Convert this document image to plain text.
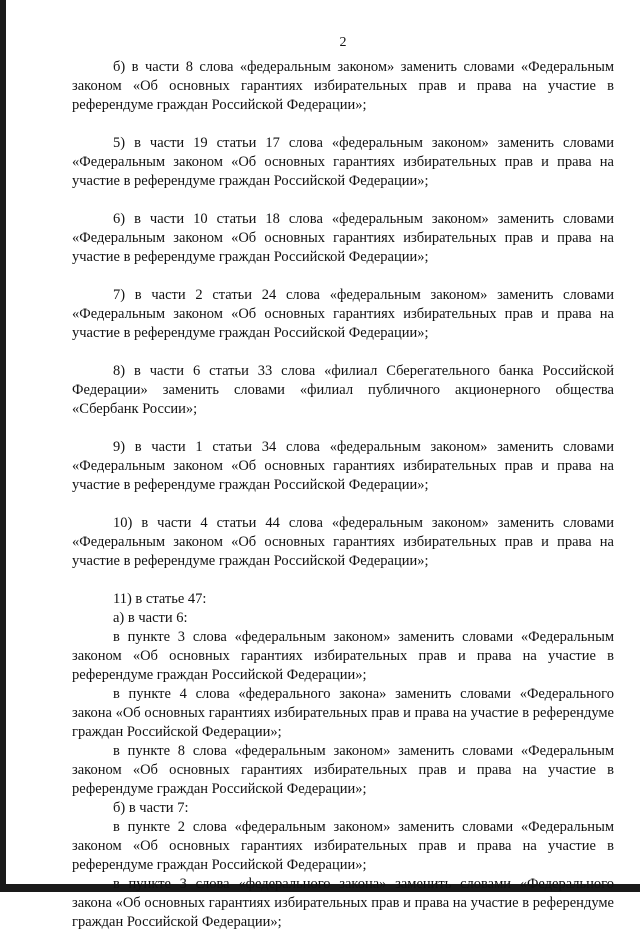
2

б) в части 8 слова «федеральным законом» заменить словами «Федеральным законом «Об основных гарантиях избирательных прав и права на участие в референдуме граждан Российской Федерации»;

5) в части 19 статьи 17 слова «федеральным законом» заменить словами «Федеральным законом «Об основных гарантиях избирательных прав и права на участие в референдуме граждан Российской Федерации»;

6) в части 10 статьи 18 слова «федеральным законом» заменить словами «Федеральным законом «Об основных гарантиях избирательных прав и права на участие в референдуме граждан Российской Федерации»;

7) в части 2 статьи 24 слова «федеральным законом» заменить словами «Федеральным законом «Об основных гарантиях избирательных прав и права на участие в референдуме граждан Российской Федерации»;

8) в части 6 статьи 33 слова «филиал Сберегательного банка Российской Федерации» заменить словами «филиал публичного акционерного общества «Сбербанк России»;

9) в части 1 статьи 34 слова «федеральным законом» заменить словами «Федеральным законом «Об основных гарантиях избирательных прав и права на участие в референдуме граждан Российской Федерации»;

10) в части 4 статьи 44 слова «федеральным законом» заменить словами «Федеральным законом «Об основных гарантиях избирательных прав и права на участие в референдуме граждан Российской Федерации»;

11) в статье 47:

а) в части 6:

в пункте 3 слова «федеральным законом» заменить словами «Федеральным законом «Об основных гарантиях избирательных прав и права на участие в референдуме граждан Российской Федерации»;

в пункте 4 слова «федерального закона» заменить словами «Федерального закона «Об основных гарантиях избирательных прав и права на участие в референдуме граждан Российской Федерации»;

в пункте 8 слова «федеральным законом» заменить словами «Федеральным законом «Об основных гарантиях избирательных прав и права на участие в референдуме граждан Российской Федерации»;

б) в части 7:

в пункте 2 слова «федеральным законом» заменить словами «Федеральным законом «Об основных гарантиях избирательных прав и права на участие в референдуме граждан Российской Федерации»;

в пункте 3 слова «федерального закона» заменить словами «Федерального закона «Об основных гарантиях избирательных прав и права на участие в референдуме граждан Российской Федерации»;
